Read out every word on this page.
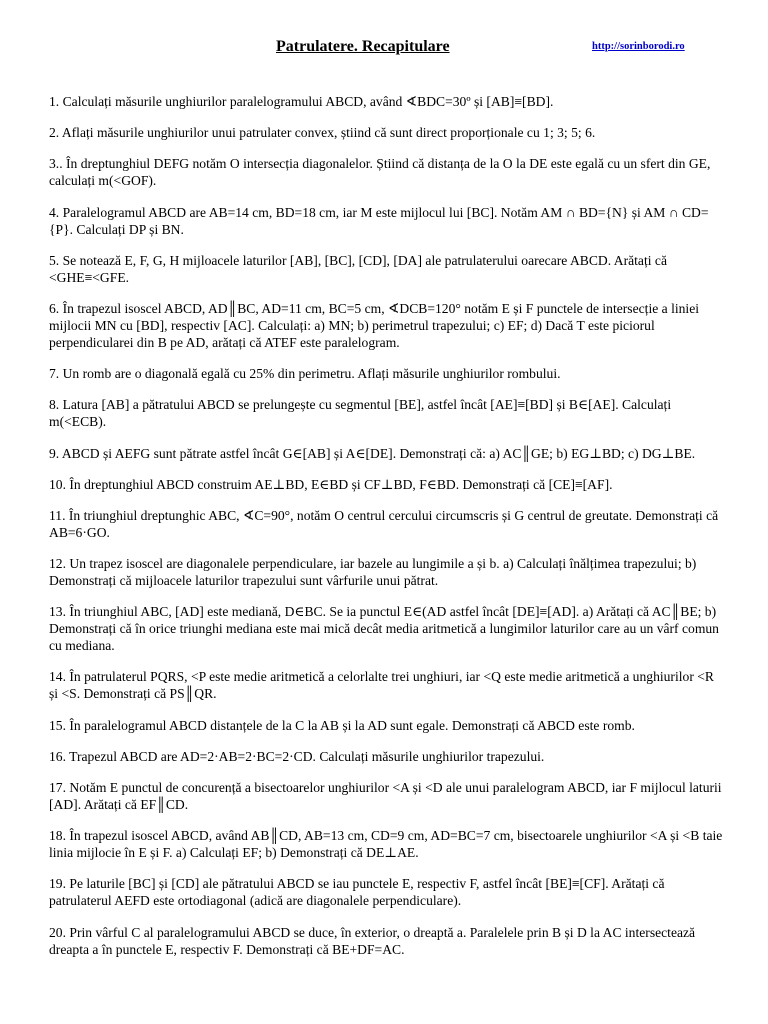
Patrulatere. Recapitulare	http://sorinborodi.ro
1. Calculați măsurile unghiurilor paralelogramului ABCD, având ∢BDC=30º și [AB]≡[BD].
2. Aflați măsurile unghiurilor unui patrulater convex, știind că sunt direct proporționale cu 1; 3; 5; 6.
3.. În dreptunghiul DEFG notăm O intersecția diagonalelor. Știind că distanța de la O la DE este egală cu un sfert din GE, calculați m(<GOF).
4. Paralelogramul ABCD are AB=14 cm, BD=18 cm, iar M este mijlocul lui [BC]. Notăm AM ∩ BD={N} și AM ∩ CD={P}. Calculați DP și BN.
5. Se notează E, F, G, H mijloacele laturilor [AB], [BC], [CD], [DA] ale patrulaterului oarecare ABCD. Arătați că <GHE≡<GFE.
6. În trapezul isoscel ABCD, AD║BC, AD=11 cm, BC=5 cm, ∢DCB=120° notăm E și F punctele de intersecție a liniei mijlocii MN cu [BD], respectiv [AC]. Calculați: a) MN; b) perimetrul trapezului; c) EF; d) Dacă T este piciorul perpendicularei din B pe AD, arătați că ATEF este paralelogram.
7. Un romb are o diagonală egală cu 25% din perimetru. Aflați măsurile unghiurilor rombului.
8. Latura [AB] a pătratului ABCD se prelungește cu segmentul [BE], astfel încât [AE]≡[BD] și B∈[AE]. Calculați m(<ECB).
9. ABCD și AEFG sunt pătrate astfel încât G∈[AB] și A∈[DE]. Demonstrați că: a) AC║GE; b) EG⊥BD; c) DG⊥BE.
10. În dreptunghiul ABCD construim AE⊥BD, E∈BD și CF⊥BD, F∈BD. Demonstrați că [CE]≡[AF].
11. În triunghiul dreptunghic ABC, ∢C=90°, notăm O centrul cercului circumscris și G centrul de greutate. Demonstrați că AB=6·GO.
12. Un trapez isoscel are diagonalele perpendiculare, iar bazele au lungimile a și b. a) Calculați înălțimea trapezului; b) Demonstrați că mijloacele laturilor trapezului sunt vârfurile unui pătrat.
13. În triunghiul ABC, [AD] este mediană, D∈BC. Se ia punctul E∈(AD astfel încât [DE]≡[AD]. a) Arătați că AC║BE; b) Demonstrați că în orice triunghi mediana este mai mică decât media aritmetică a lungimilor laturilor care au un vârf comun cu mediana.
14. În patrulaterul PQRS, <P este medie aritmetică a celorlalte trei unghiuri, iar <Q este medie aritmetică a unghiurilor <R și <S. Demonstrați că PS║QR.
15. În paralelogramul ABCD distanțele de la C la AB și la AD sunt egale. Demonstrați că ABCD este romb.
16. Trapezul ABCD are AD=2·AB=2·BC=2·CD. Calculați măsurile unghiurilor trapezului.
17. Notăm E punctul de concurență a bisectoarelor unghiurilor <A și <D ale unui paralelogram ABCD, iar F mijlocul laturii [AD]. Arătați că EF║CD.
18. În trapezul isoscel ABCD, având AB║CD, AB=13 cm, CD=9 cm, AD=BC=7 cm, bisectoarele unghiurilor <A și <B taie linia mijlocie în E și F. a) Calculați EF; b) Demonstrați că DE⊥AE.
19. Pe laturile [BC] și [CD] ale pătratului ABCD se iau punctele E, respectiv F, astfel încât [BE]≡[CF]. Arătați că patrulaterul AEFD este ortodiagonal (adică are diagonalele perpendiculare).
20. Prin vârful C al paralelogramului ABCD se duce, în exterior, o dreaptă a. Paralelele prin B și D la AC intersectează dreapta a în punctele E, respectiv F. Demonstrați că BE+DF=AC.
